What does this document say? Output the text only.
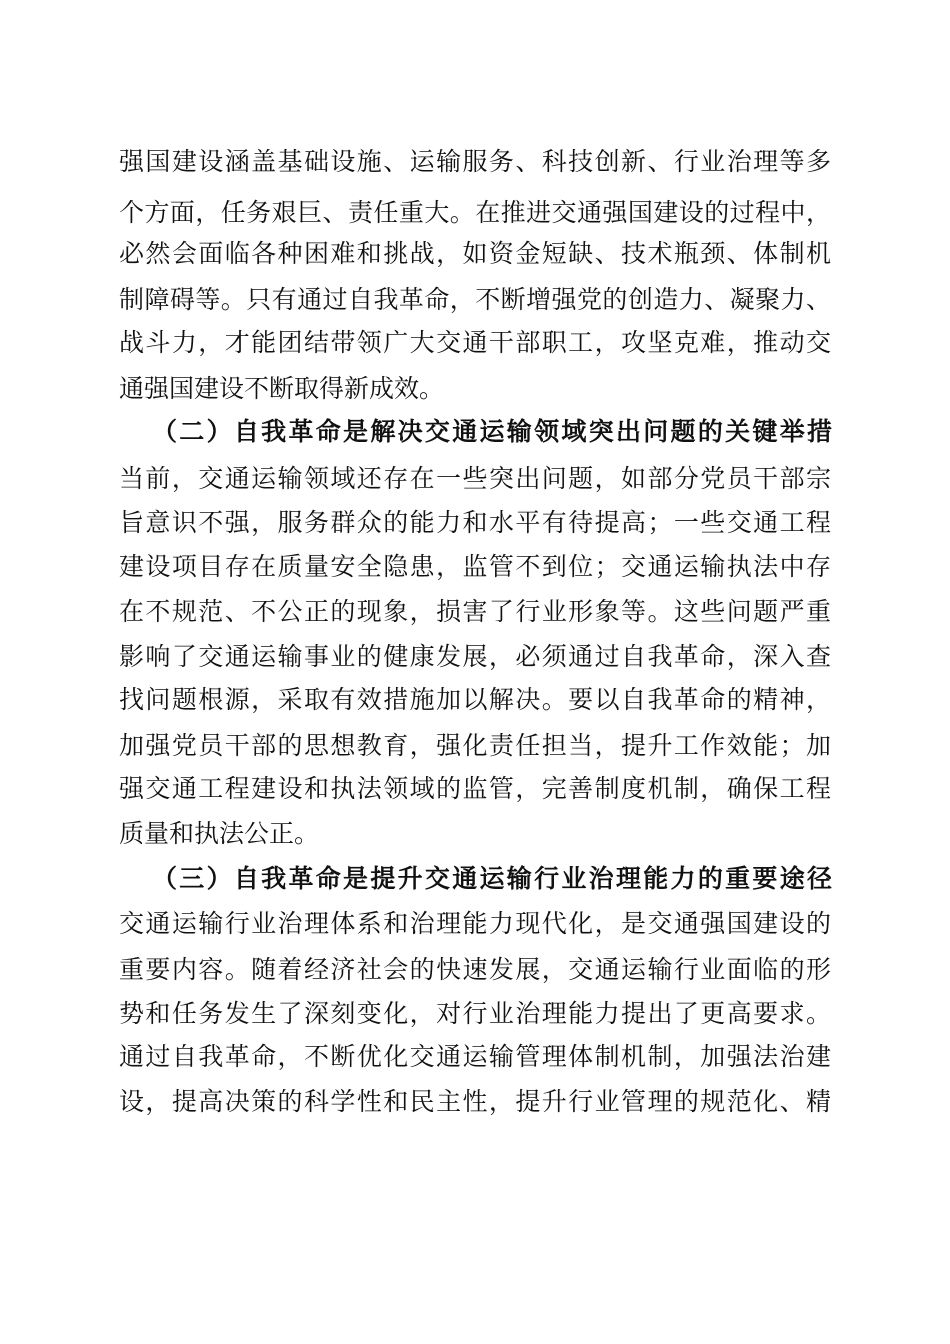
强国建设涵盖基础设施、运输服务、科技创新、行业治理等多
个方面，任务艰巨、责任重大。在推进交通强国建设的过程中，
必然会面临各种困难和挑战，如资金短缺、技术瓶颈、体制机
制障碍等。只有通过自我革命，不断增强党的创造力、凝聚力、
战斗力，才能团结带领广大交通干部职工，攻坚克难，推动交
通强国建设不断取得新成效。
（二）自我革命是解决交通运输领域突出问题的关键举措
当前，交通运输领域还存在一些突出问题，如部分党员干部宗
旨意识不强，服务群众的能力和水平有待提高；一些交通工程
建设项目存在质量安全隐患，监管不到位；交通运输执法中存
在不规范、不公正的现象，损害了行业形象等。这些问题严重
影响了交通运输事业的健康发展，必须通过自我革命，深入查
找问题根源，采取有效措施加以解决。要以自我革命的精神，
加强党员干部的思想教育，强化责任担当，提升工作效能；加
强交通工程建设和执法领域的监管，完善制度机制，确保工程
质量和执法公正。
（三）自我革命是提升交通运输行业治理能力的重要途径
交通运输行业治理体系和治理能力现代化，是交通强国建设的
重要内容。随着经济社会的快速发展，交通运输行业面临的形
势和任务发生了深刻变化，对行业治理能力提出了更高要求。
通过自我革命，不断优化交通运输管理体制机制，加强法治建
设，提高决策的科学性和民主性，提升行业管理的规范化、精
